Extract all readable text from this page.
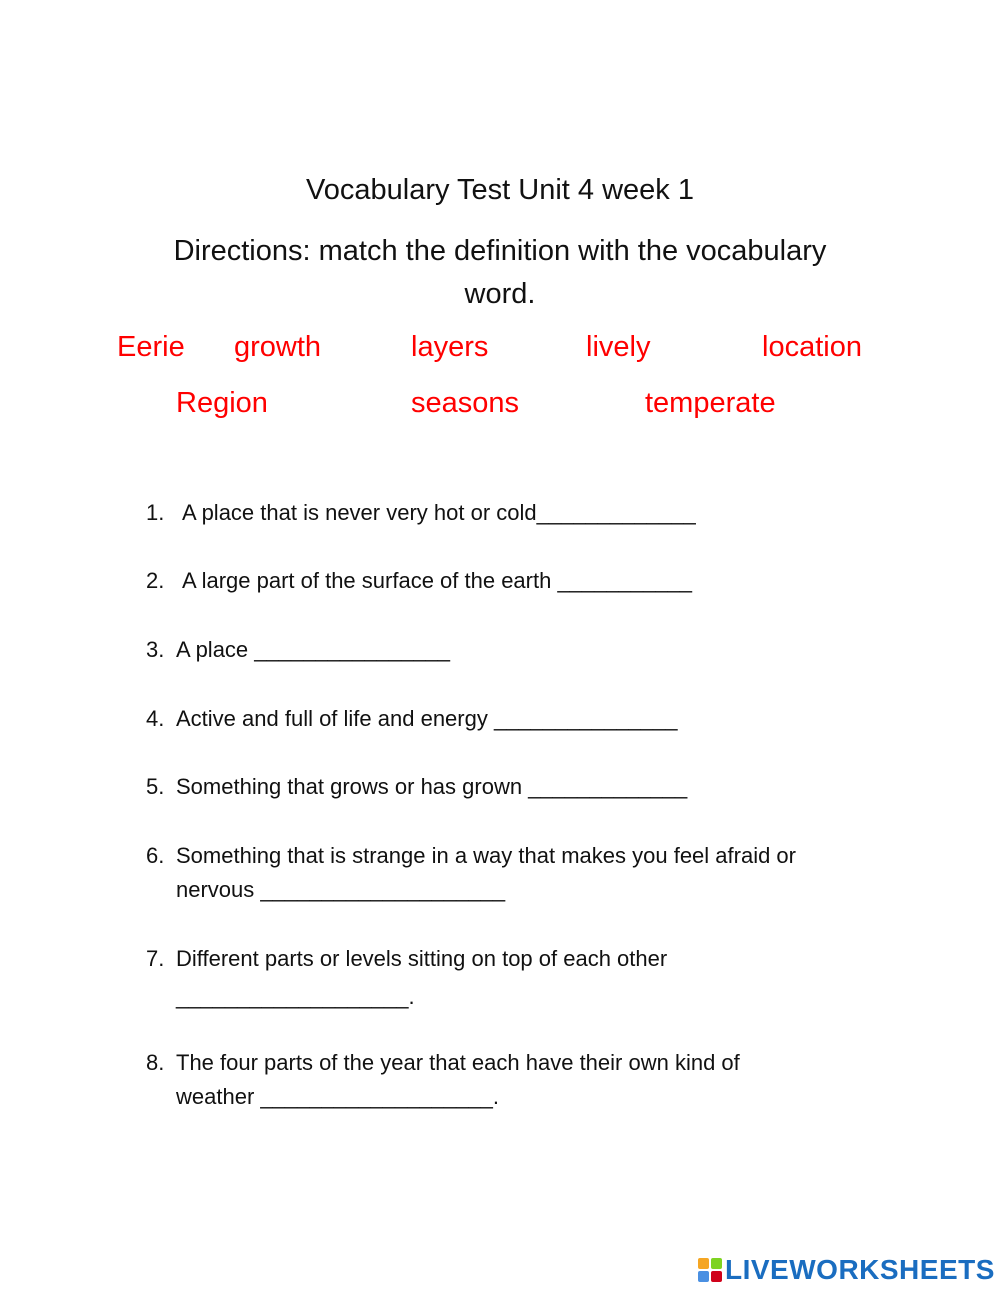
Vocabulary Test Unit 4 week 1
Directions: match the definition with the vocabulary word.
Eerie growth	layers	lively	location
Region	seasons	temperate
1. A place that is never very hot or cold_____________
2. A large part of the surface of the earth ___________
3. A place ________________
4. Active and full of life and energy _______________
5. Something that grows or has grown _____________
6. Something that is strange in a way that makes you feel afraid or
nervous ____________________
7. Different parts or levels sitting on top of each other
___________________.
8. The four parts of the year that each have their own kind of
weather ___________________.
LIVEWORKSHEETS
